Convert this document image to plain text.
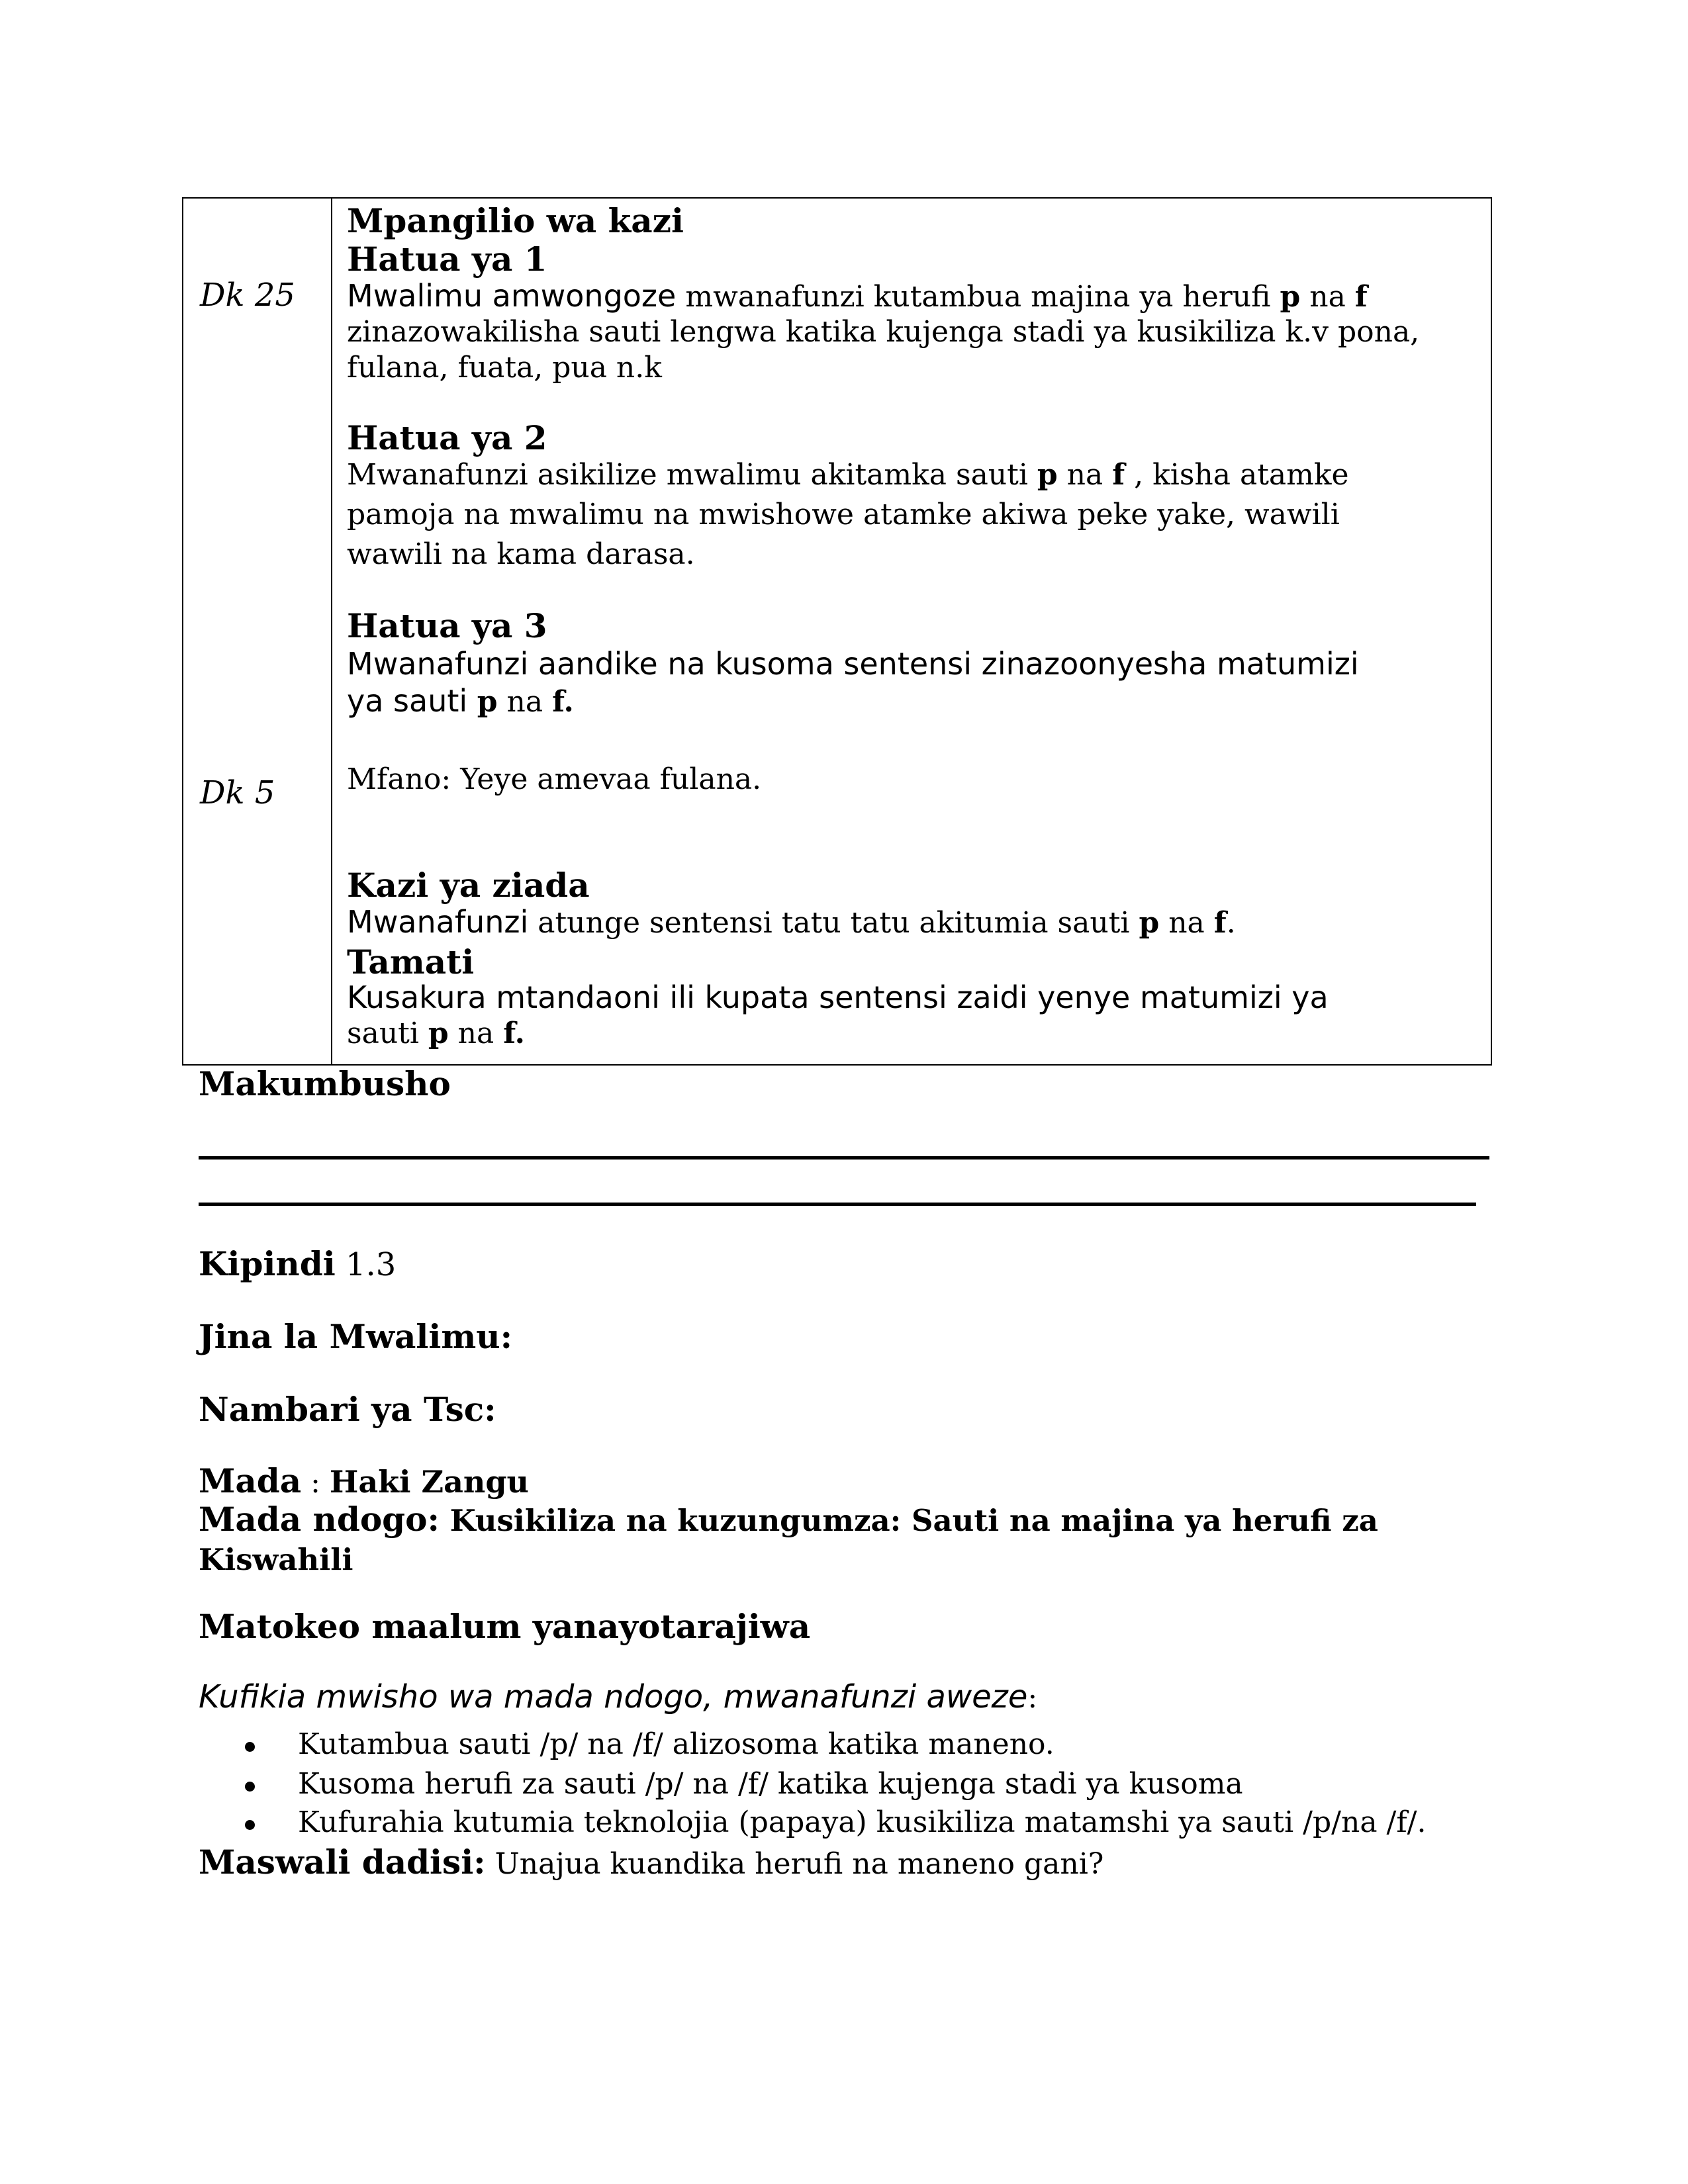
Dk 25
Dk 5
Mpangilio wa kazi
Hatua ya 1
Mwalimu amwongoze mwanafunzi kutambua majina ya herufi p na f
zinazowakilisha sauti lengwa katika kujenga stadi ya kusikiliza k.v pona,
fulana, fuata, pua n.k
Hatua ya 2
Mwanafunzi asikilize mwalimu akitamka sauti p na f , kisha atamke
pamoja na mwalimu na mwishowe atamke akiwa peke yake, wawili
wawili na kama darasa.
Hatua ya 3
Mwanafunzi aandike na kusoma sentensi zinazoonyesha matumizi
ya sauti p na f.
Mfano: Yeye amevaa fulana.
Kazi ya ziada
Mwanafunzi atunge sentensi tatu tatu akitumia sauti p na f.
Tamati
Kusakura mtandaoni ili kupata sentensi zaidi yenye matumizi ya
sauti p na f.
Makumbusho
Kipindi 1.3
Jina la Mwalimu:
Nambari ya Tsc:
Mada : Haki Zangu
Mada ndogo: Kusikiliza na kuzungumza: Sauti na majina ya herufi za
Kiswahili
Matokeo maalum yanayotarajiwa
Kufikia mwisho wa mada ndogo, mwanafunzi aweze:
Kutambua sauti /p/ na /f/ alizosoma katika maneno.
Kusoma herufi za sauti /p/ na /f/ katika kujenga stadi ya kusoma
Kufurahia kutumia teknolojia (papaya) kusikiliza matamshi ya sauti /p/na /f/.
Maswali dadisi: Unajua kuandika herufi na maneno gani?
